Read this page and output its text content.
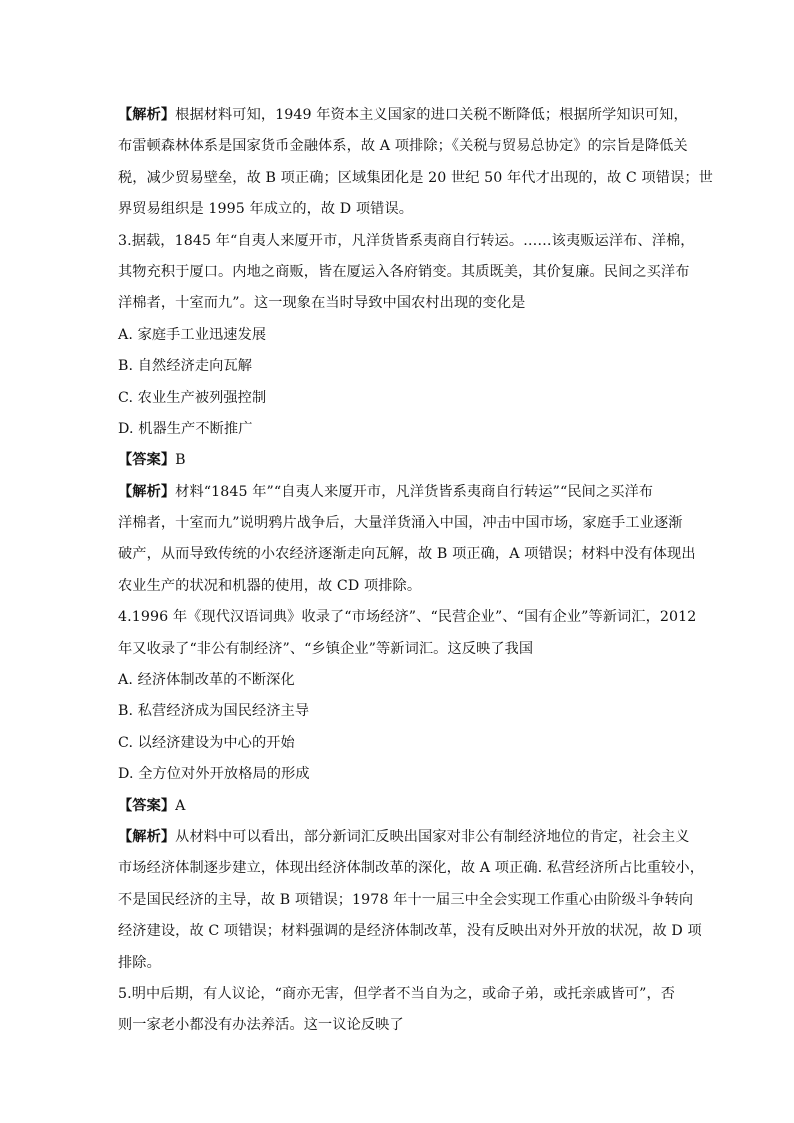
【解析】根据材料可知，1949 年资本主义国家的进口关税不断降低；根据所学知识可知，
布雷顿森林体系是国家货币金融体系，故 A 项排除；《关税与贸易总协定》的宗旨是降低关
税，减少贸易壁垒，故 B 项正确；区域集团化是 20 世纪 50 年代才出现的，故 C 项错误；世
界贸易组织是 1995 年成立的，故 D 项错误。
3.据载，1845 年“自夷人来厦开市，凡洋货皆系夷商自行转运。……该夷贩运洋布、洋棉，
其物充积于厦口。内地之商贩，皆在厦运入各府销变。其质既美，其价复廉。民间之买洋布
洋棉者，十室而九”。这一现象在当时导致中国农村出现的变化是
A. 家庭手工业迅速发展
B. 自然经济走向瓦解
C. 农业生产被列强控制
D. 机器生产不断推广
【答案】B
【解析】材料“1845 年”“自夷人来厦开市，凡洋货皆系夷商自行转运”“民间之买洋布
洋棉者，十室而九”说明鸦片战争后，大量洋货涌入中国，冲击中国市场，家庭手工业逐渐
破产，从而导致传统的小农经济逐渐走向瓦解，故 B 项正确，A 项错误；材料中没有体现出
农业生产的状况和机器的使用，故 CD 项排除。
4.1996 年《现代汉语词典》收录了“市场经济”、“民营企业”、“国有企业”等新词汇，2012
年又收录了“非公有制经济”、“乡镇企业”等新词汇。这反映了我国
A. 经济体制改革的不断深化
B. 私营经济成为国民经济主导
C. 以经济建设为中心的开始
D. 全方位对外开放格局的形成
【答案】A
【解析】从材料中可以看出，部分新词汇反映出国家对非公有制经济地位的肯定，社会主义
市场经济体制逐步建立，体现出经济体制改革的深化，故 A 项正确. 私营经济所占比重较小，
不是国民经济的主导，故 B 项错误；1978 年十一届三中全会实现工作重心由阶级斗争转向
经济建设，故 C 项错误；材料强调的是经济体制改革，没有反映出对外开放的状况，故 D 项
排除。
5.明中后期，有人议论，“商亦无害，但学者不当自为之，或命子弟，或托亲戚皆可”，否
则一家老小都没有办法养活。这一议论反映了
